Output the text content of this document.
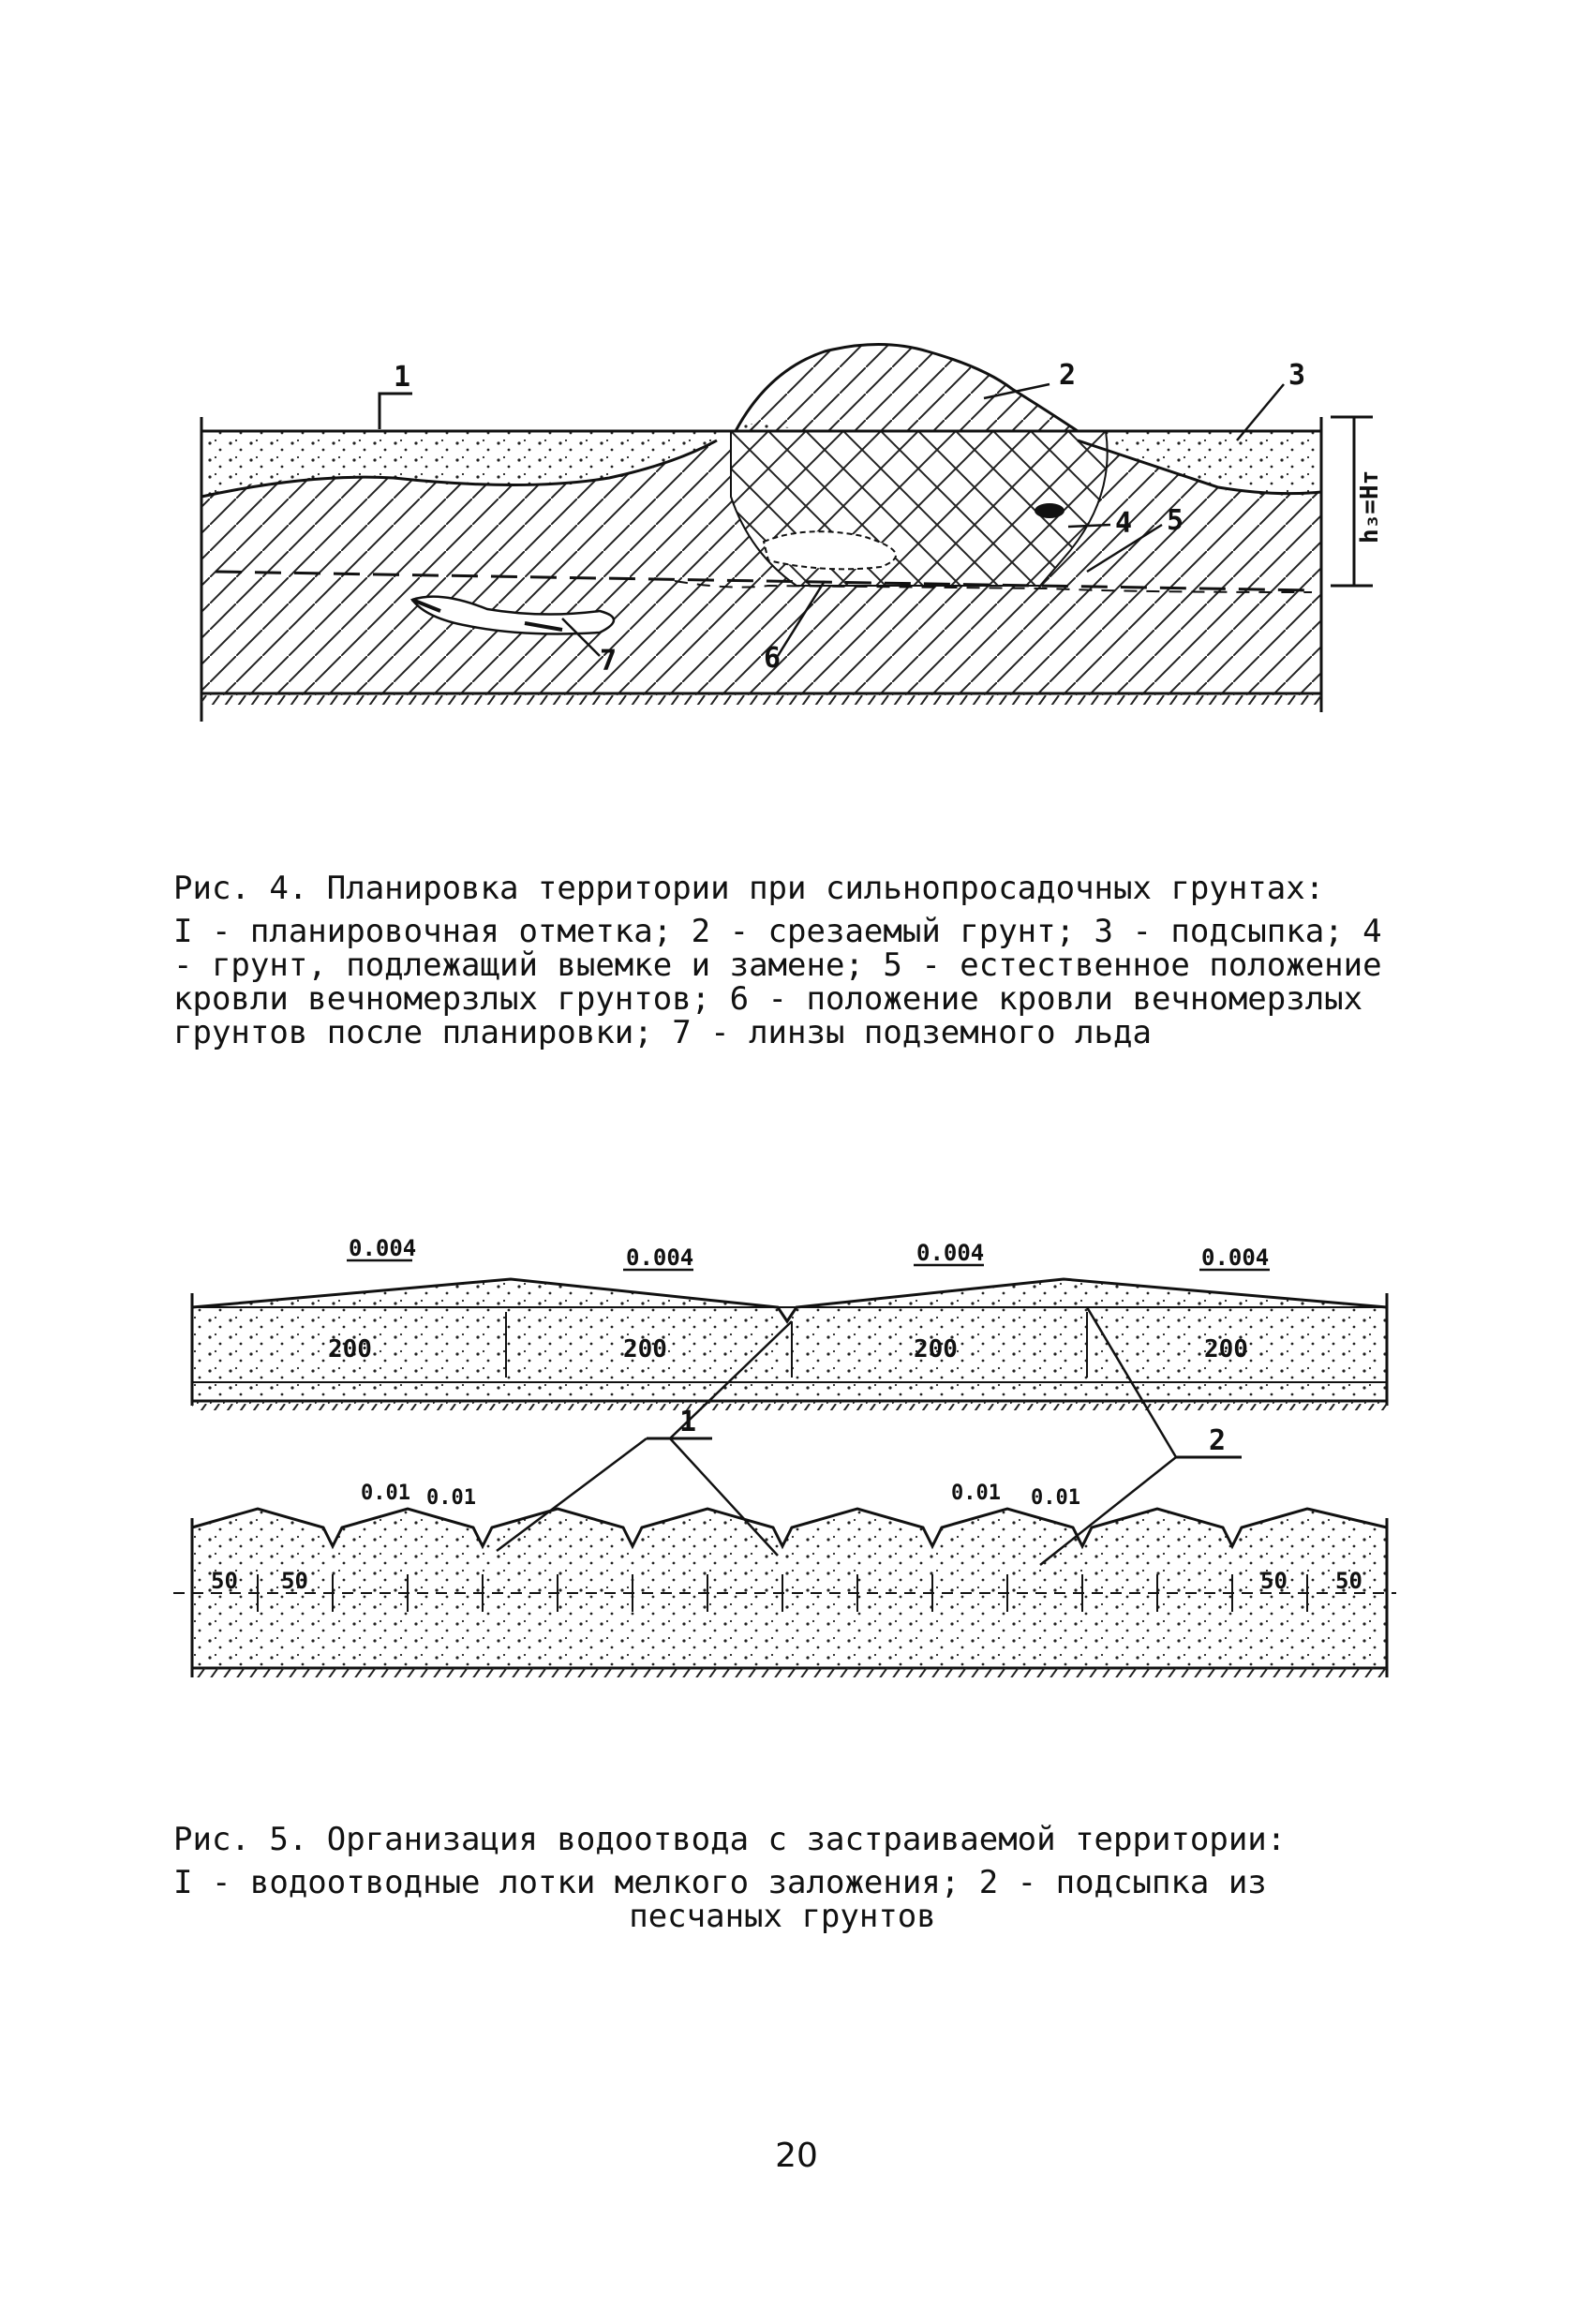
1	2	3
4 5
6
7
h₃=Hт
0.004	0.004	0.004	0.004
200	200	200	200
1
2
0.01 0.01	0.01 0.01
50 50	50 50
Рис. 4. Планировка территории при сильнопросадочных грунтах:
I - планировочная отметка; 2 - срезаемый грунт; 3 - подсыпка; 4 - грунт, подлежащий выемке и замене; 5 - естественное положение кровли вечномерзлых грунтов; 6 - положение кровли вечномерзлых грунтов после планировки; 7 - линзы подземного льда
Рис. 5. Организация водоотвода с застраиваемой территории:
I - водоотводные лотки мелкого заложения; 2 - подсыпка из
песчаных грунтов
20
